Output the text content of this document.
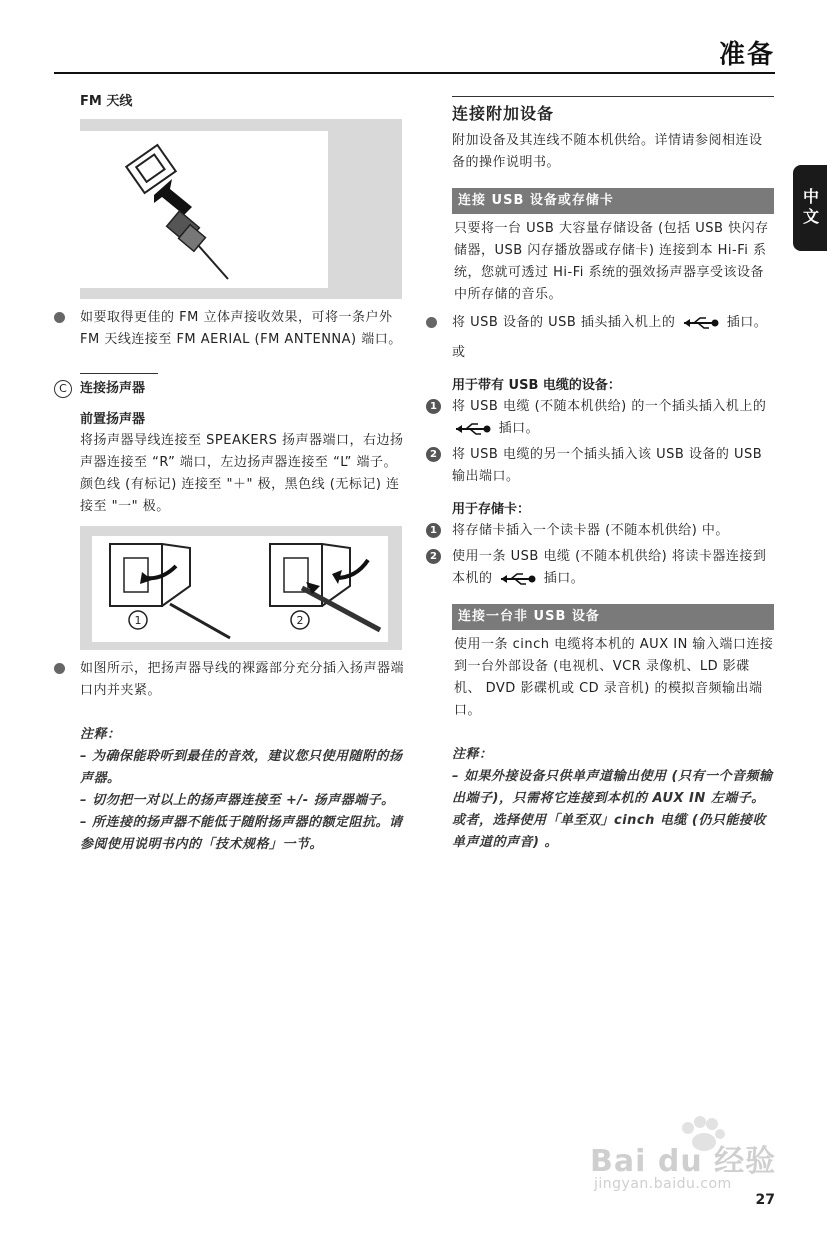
准备
中文
FM 天线

如要取得更佳的 FM 立体声接收效果，可将一条户外 FM 天线连接至 FM AERIAL (FM ANTENNA) 端口。

C	连接扬声器
前置扬声器

将扬声器导线连接至 SPEAKERS 扬声器端口，右边扬声器连接至 “R” 端口，左边扬声器连接至 “L” 端子。颜色线 (有标记) 连接至 "＋" 极，黑色线 (无标记) 连接至 "一" 极。

1	2

如图所示，把扬声器导线的裸露部分充分插入扬声器端口内并夹紧。

注释：

– 为确保能聆听到最佳的音效，建议您只使用随附的扬声器。

– 切勿把一对以上的扬声器连接至 +/- 扬声器端子。

– 所连接的扬声器不能低于随附扬声器的额定阻抗。请参阅使用说明书内的「技术规格」一节。

连接附加设备

附加设备及其连线不随本机供给。详情请参阅相连设备的操作说明书。

连接 USB 设备或存储卡

只要将一台 USB 大容量存储设备 (包括 USB 快闪存储器，USB 闪存播放器或存储卡) 连接到本 Hi-Fi 系统，您就可透过 Hi-Fi 系统的强效扬声器享受该设备中所存储的音乐。

将 USB 设备的 USB 插头插入机上的	插口。

或

用于带有 USB 电缆的设备：
1	将 USB 电缆 (不随本机供给) 的一个插头插入机上的  插口。

2	将 USB 电缆的另一个插头插入该 USB 设备的 USB 输出端口。

用于存储卡：
1	将存储卡插入一个读卡器 (不随本机供给) 中。

2	使用一条 USB 电缆 (不随本机供给) 将读卡器连接到本机的	插口。

连接一台非 USB 设备

使用一条 cinch 电缆将本机的 AUX IN 输入端口连接到一台外部设备 (电视机、VCR 录像机、LD 影碟机、 DVD 影碟机或 CD 录音机) 的模拟音频输出端口。

注释：

– 如果外接设备只供单声道输出使用 (只有一个音频输出端子)，只需将它连接到本机的 AUX IN 左端子。或者，选择使用「单至双」cinch 电缆 (仍只能接收单声道的声音) 。

Bai du 经验
jingyan.baidu.com
27
